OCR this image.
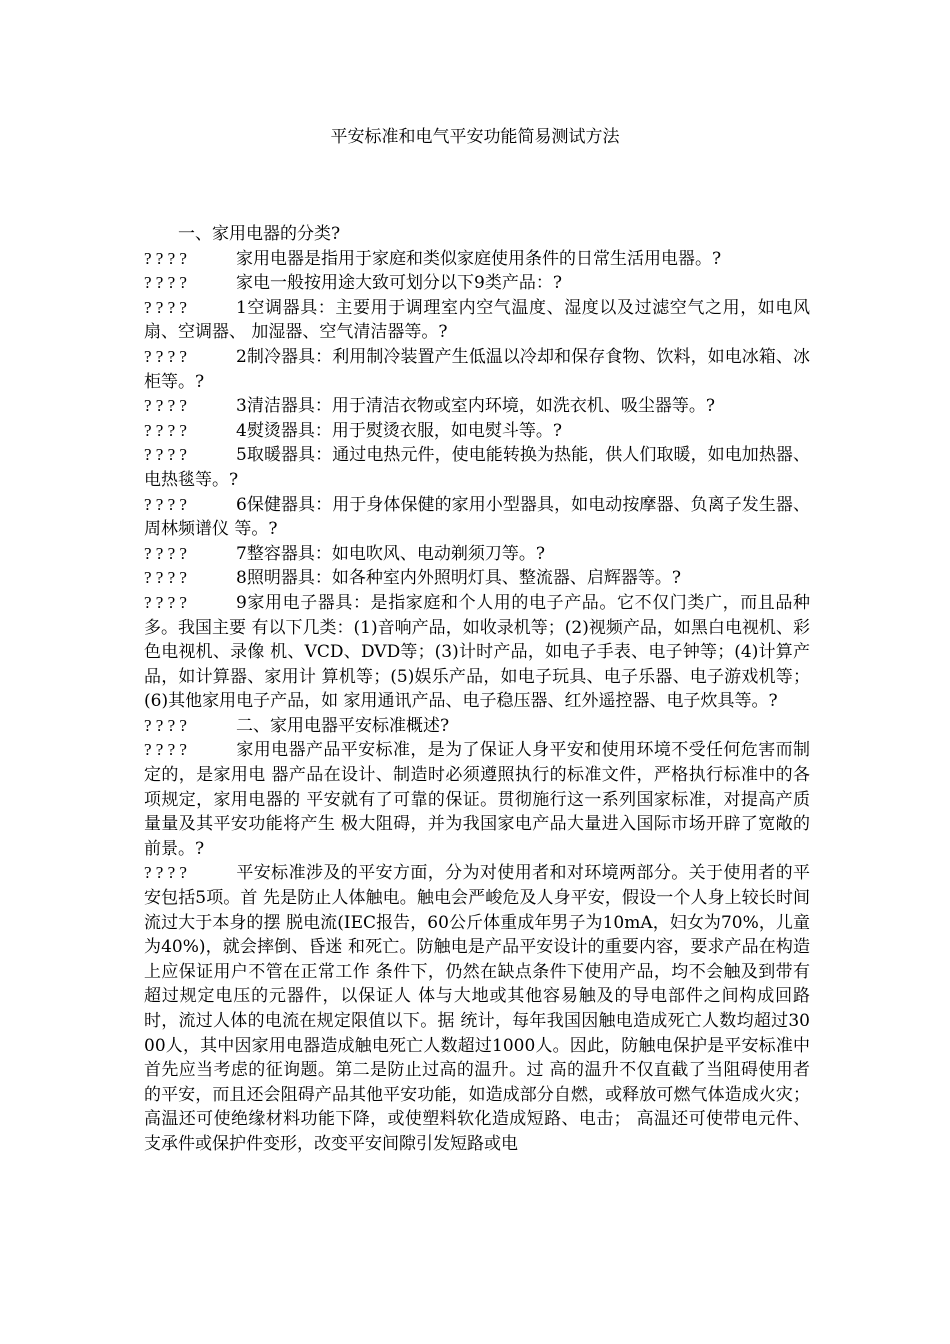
平安标准和电气平安功能简易测试方法

一、家用电器的分类?

? ? ? ?	家用电器是指用于家庭和类似家庭使用条件的日常生活用电器。?

? ? ? ?	家电一般按用途大致可划分以下9类产品：?

? ? ? ?	1空调器具：主要用于调理室内空气温度、湿度以及过滤空气之用，如电风扇、空调器、 加湿器、空气清洁器等。?

? ? ? ?	2制冷器具：利用制冷装置产生低温以冷却和保存食物、饮料，如电冰箱、冰柜等。?

? ? ? ?	3清洁器具：用于清洁衣物或室内环境，如洗衣机、吸尘器等。?

? ? ? ?	4熨烫器具：用于熨烫衣服，如电熨斗等。?

? ? ? ?	5取暖器具：通过电热元件，使电能转换为热能，供人们取暖，如电加热器、电热毯等。?

? ? ? ?	6保健器具：用于身体保健的家用小型器具，如电动按摩器、负离子发生器、周林频谱仪 等。?

? ? ? ?	7整容器具：如电吹风、电动剃须刀等。?

? ? ? ?	8照明器具：如各种室内外照明灯具、整流器、启辉器等。?

? ? ? ?	9家用电子器具：是指家庭和个人用的电子产品。它不仅门类广，而且品种多。我国主要 有以下几类：(1)音响产品，如收录机等；(2)视频产品，如黑白电视机、彩色电视机、录像 机、VCD、DVD等；(3)计时产品，如电子手表、电子钟等；(4)计算产品，如计算器、家用计 算机等；(5)娱乐产品，如电子玩具、电子乐器、电子游戏机等；(6)其他家用电子产品，如 家用通讯产品、电子稳压器、红外遥控器、电子炊具等。?

? ? ? ?	二、家用电器平安标准概述?

? ? ? ?	家用电器产品平安标准，是为了保证人身平安和使用环境不受任何危害而制定的，是家用电 器产品在设计、制造时必须遵照执行的标准文件，严格执行标准中的各项规定，家用电器的 平安就有了可靠的保证。贯彻施行这一系列国家标准，对提高产质量量及其平安功能将产生 极大阻碍，并为我国家电产品大量进入国际市场开辟了宽敞的前景。?

? ? ? ?	平安标准涉及的平安方面，分为对使用者和对环境两部分。关于使用者的平安包括5项。首 先是防止人体触电。触电会严峻危及人身平安，假设一个人身上较长时间流过大于本身的摆 脱电流(IEC报告，60公斤体重成年男子为10mA，妇女为70%，儿童为40%)，就会摔倒、昏迷 和死亡。防触电是产品平安设计的重要内容，要求产品在构造上应保证用户不管在正常工作 条件下，仍然在缺点条件下使用产品，均不会触及到带有超过规定电压的元器件，以保证人 体与大地或其他容易触及的导电部件之间构成回路时，流过人体的电流在规定限值以下。据 统计，每年我国因触电造成死亡人数均超过3000人，其中因家用电器造成触电死亡人数超过1000人。因此，防触电保护是平安标准中首先应当考虑的征询题。第二是防止过高的温升。过 高的温升不仅直截了当阻碍使用者的平安，而且还会阻碍产品其他平安功能，如造成部分自燃，或释放可燃气体造成火灾；高温还可使绝缘材料功能下降，或使塑料软化造成短路、电击； 高温还可使带电元件、支承件或保护件变形，改变平安间隙引发短路或电
